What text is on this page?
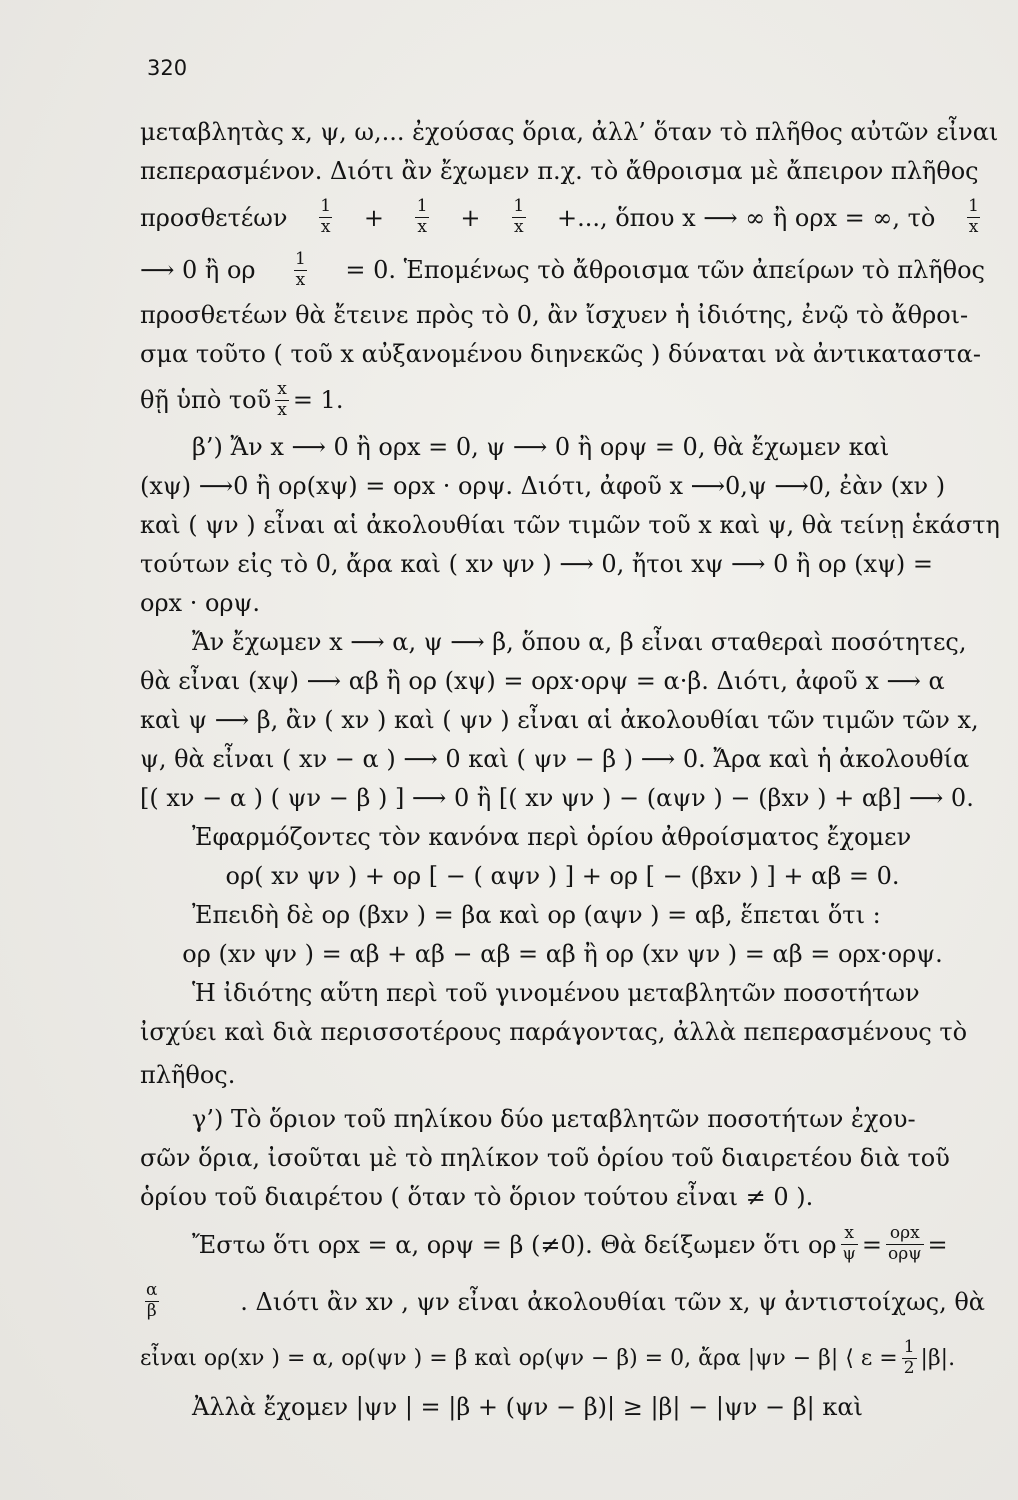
320
μεταβλητὰς x, ψ, ω,... ἐχούσας ὅρια, ἀλλ’ ὅταν τὸ πλῆθος αὐτῶν εἶναι
πεπερασμένον. Διότι ἂν ἔχωμεν π.χ. τὸ ἄθροισμα μὲ ἄπειρον πλῆθος
προσθετέων $\frac{1}{x} + \frac{1}{x} + \frac{1}{x}$ +..., ὅπου x ⟶ ∞ ἢ ορx = ∞, τὸ $\frac{1}{x}$
⟶ 0 ἢ ορ $\frac{1}{x} = 0$. Ἑπομένως τὸ ἄθροισμα τῶν ἀπείρων τὸ πλῆθος
προσθετέων θὰ ἔτεινε πρὸς τὸ 0, ἂν ἴσχυεν ἡ ἰδιότης, ἐνῷ τὸ ἄθροι-
σμα τοῦτο ( τοῦ x αὐξανομένου διηνεκῶς ) δύναται νὰ ἀντικαταστα-
θῇ ὑπὸ τοῦ $\frac{x}{x} = 1$.
β’) Ἄν x ⟶ 0 ἢ ορx = 0, ψ ⟶ 0 ἢ ορψ = 0, θὰ ἔχωμεν καὶ
(xψ) ⟶0 ἢ ορ(xψ) = ορx · ορψ. Διότι, ἀφοῦ x ⟶0,ψ ⟶0, ἐὰν (xν )
καὶ ( ψν ) εἶναι αἱ ἀκολουθίαι τῶν τιμῶν τοῦ x καὶ ψ, θὰ τείνῃ ἑκάστη
τούτων εἰς τὸ 0, ἄρα καὶ ( xν ψν ) ⟶ 0, ἤτοι xψ ⟶ 0 ἢ ορ (xψ) =
ορx · ορψ.
Ἄν ἔχωμεν x ⟶ α, ψ ⟶ β, ὅπου α, β εἶναι σταθεραὶ ποσότητες,
θὰ εἶναι (xψ) ⟶ αβ ἢ ορ (xψ) = ορx·ορψ = α·β. Διότι, ἀφοῦ x ⟶ α
καὶ ψ ⟶ β, ἂν ( xν ) καὶ ( ψν ) εἶναι αἱ ἀκολουθίαι τῶν τιμῶν τῶν x,
ψ, θὰ εἶναι ( xν − α ) ⟶ 0 καὶ ( ψν − β ) ⟶ 0. Ἄρα καὶ ἡ ἀκολουθία
[( xν − α ) ( ψν − β ) ] ⟶ 0 ἢ [( xν ψν ) − (αψν ) − (βxν ) + αβ] ⟶ 0.
Ἐφαρμόζοντες τὸν κανόνα περὶ ὁρίου ἀθροίσματος ἔχομεν
ορ( xν ψν ) + ορ [ − ( αψν ) ] + ορ [ − (βxν ) ] + αβ = 0.
Ἐπειδὴ δὲ ορ (βxν ) = βα καὶ ορ (αψν ) = αβ, ἕπεται ὅτι :
ορ (xν ψν ) = αβ + αβ − αβ = αβ ἢ ορ (xν ψν ) = αβ = ορx·ορψ.
Ἡ ἰδιότης αὕτη περὶ τοῦ γινομένου μεταβλητῶν ποσοτήτων
ἰσχύει καὶ διὰ περισσοτέρους παράγοντας, ἀλλὰ πεπερασμένους τὸ
πλῆθος.
γ’) Τὸ ὅριον τοῦ πηλίκου δύο μεταβλητῶν ποσοτήτων ἐχου-
σῶν ὅρια, ἰσοῦται μὲ τὸ πηλίκον τοῦ ὁρίου τοῦ διαιρετέου διὰ τοῦ
ὁρίου τοῦ διαιρέτου ( ὅταν τὸ ὅριον τούτου εἶναι ≠ 0 ).
Ἔστω ὅτι ορx = α, ορψ = β (≠0). Θὰ δείξωμεν ὅτι ορ $\frac{x}{\psi} = \frac{\text{ορx}}{\text{ορψ}}$ =
$\frac{\alpha}{\beta}$	. Διότι ἂν xν , ψν εἶναι ἀκολουθίαι τῶν x, ψ ἀντιστοίχως, θὰ
εἶναι ορ(xν ) = α, ορ(ψν ) = β καὶ ορ(ψν − β) = 0, ἄρα |ψν − β| ⟨ $\varepsilon = \frac{1}{2} |\beta|$.
Ἀλλὰ ἔχομεν |ψν | = |β + (ψν − β)| ≥ |β| − |ψν − β| καὶ
